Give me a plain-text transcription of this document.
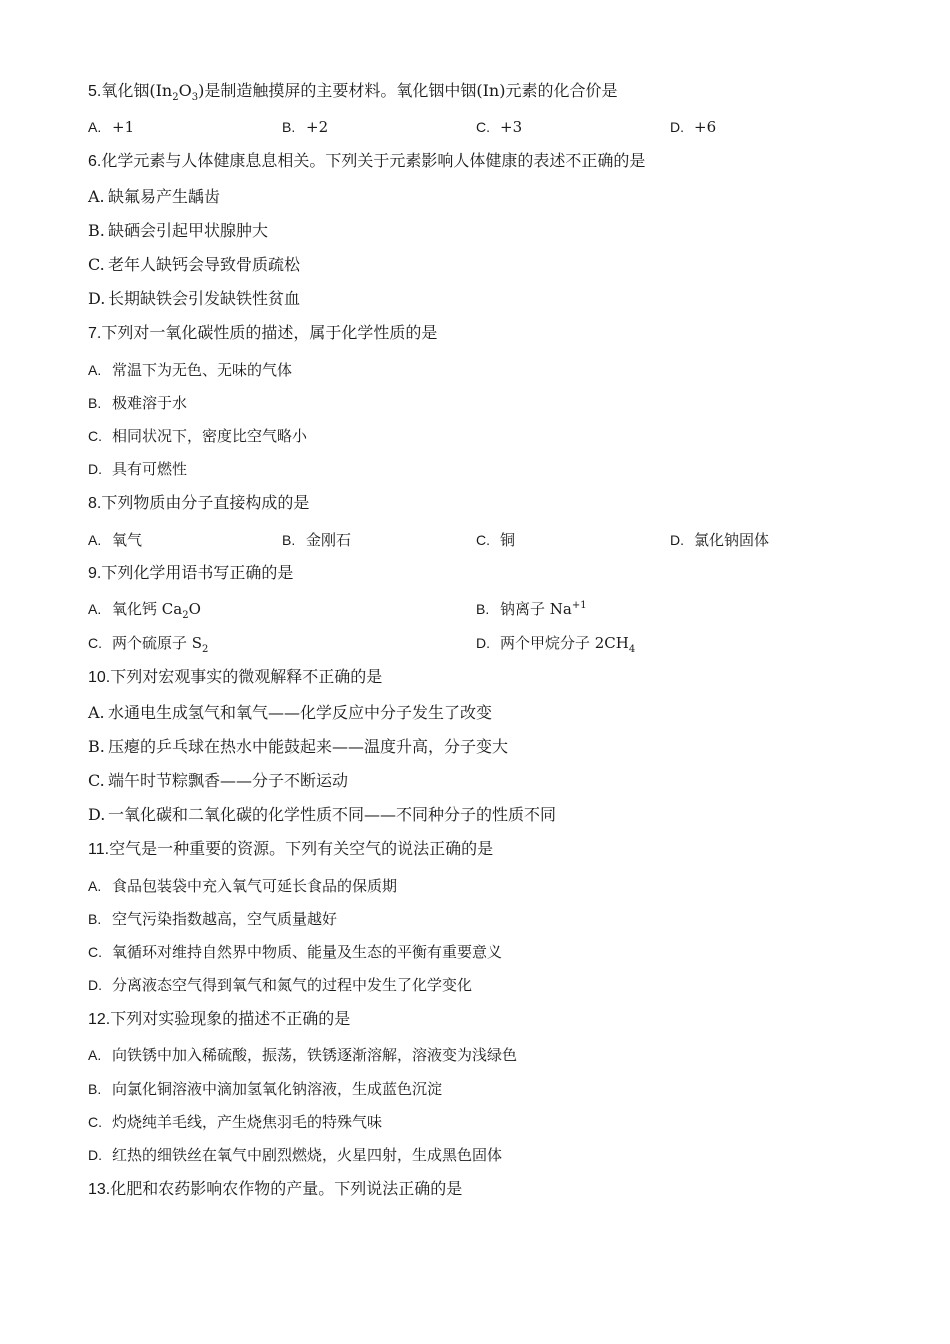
5.氧化铟$(In_2O_3)$是制造触摸屏的主要材料。氧化铟中铟(In)元素的化合价是
A. +1	B. +2	C. +3	D. +6
6.化学元素与人体健康息息相关。下列关于元素影响人体健康的表述不正确的是
A. 缺氟易产生龋齿
B. 缺硒会引起甲状腺肿大
C. 老年人缺钙会导致骨质疏松
D. 长期缺铁会引发缺铁性贫血
7.下列对一氧化碳性质的描述，属于化学性质的是
A. 常温下为无色、无味的气体
B. 极难溶于水
C. 相同状况下，密度比空气略小
D. 具有可燃性
8.下列物质由分子直接构成的是
A. 氧气	B. 金刚石	C. 铜	D. 氯化钠固体
9.下列化学用语书写正确的是
A. 氧化钙 $Ca_2O$	B. 钠离子 $Na^{+1}$
C. 两个硫原子 $S_2$	D. 两个甲烷分子 $2CH_4$
10.下列对宏观事实的微观解释不正确的是
A. 水通电生成氢气和氧气——化学反应中分子发生了改变
B. 压瘪的乒乓球在热水中能鼓起来——温度升高，分子变大
C. 端午时节粽飘香——分子不断运动
D. 一氧化碳和二氧化碳的化学性质不同——不同种分子的性质不同
11.空气是一种重要的资源。下列有关空气的说法正确的是
A. 食品包装袋中充入氧气可延长食品的保质期
B. 空气污染指数越高，空气质量越好
C. 氧循环对维持自然界中物质、能量及生态的平衡有重要意义
D. 分离液态空气得到氧气和氮气的过程中发生了化学变化
12.下列对实验现象的描述不正确的是
A. 向铁锈中加入稀硫酸，振荡，铁锈逐渐溶解，溶液变为浅绿色
B. 向氯化铜溶液中滴加氢氧化钠溶液，生成蓝色沉淀
C. 灼烧纯羊毛线，产生烧焦羽毛的特殊气味
D. 红热的细铁丝在氧气中剧烈燃烧，火星四射，生成黑色固体
13.化肥和农药影响农作物的产量。下列说法正确的是
